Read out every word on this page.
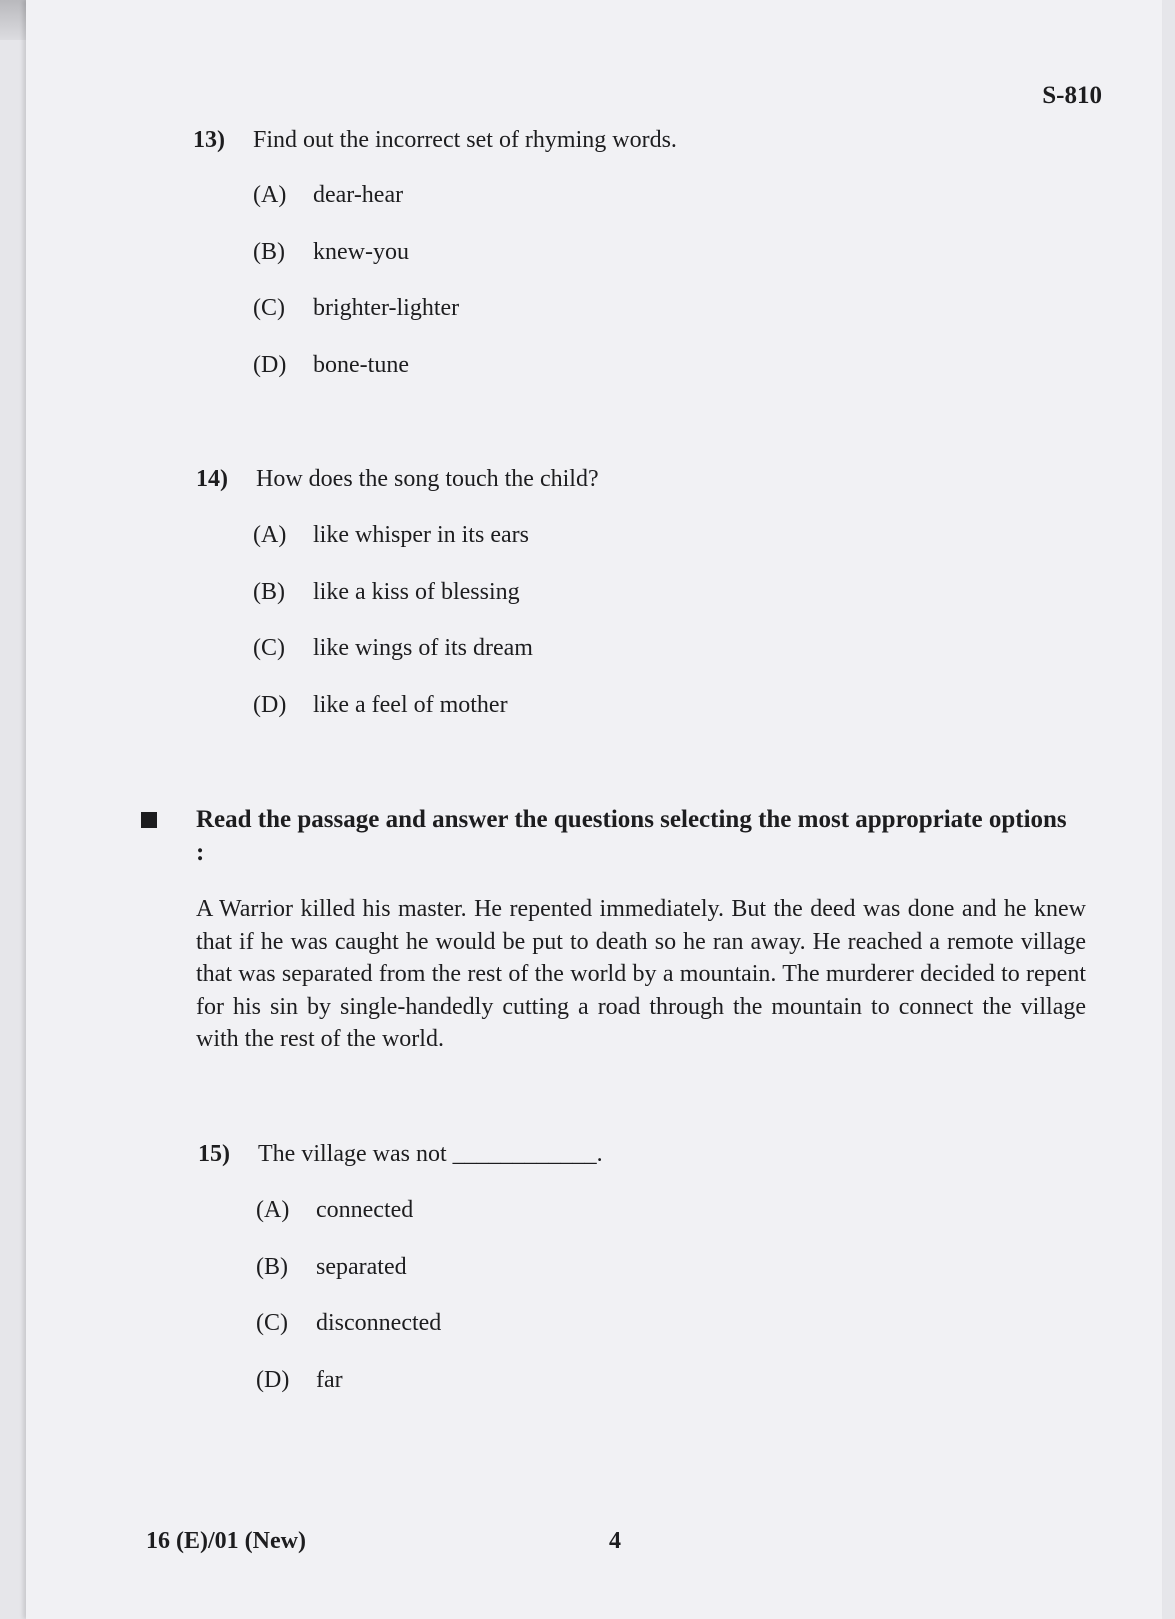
S-810
13) Find out the incorrect set of rhyming words.
(A) dear-hear
(B) knew-you
(C) brighter-lighter
(D) bone-tune
14) How does the song touch the child?
(A) like whisper in its ears
(B) like a kiss of blessing
(C) like wings of its dream
(D) like a feel of mother
Read the passage and answer the questions selecting the most appropriate options :
A Warrior killed his master. He repented immediately. But the deed was done and he knew that if he was caught he would be put to death so he ran away. He reached a remote village that was separated from the rest of the world by a mountain. The murderer decided to repent for his sin by single-handedly cutting a road through the mountain to connect the village with the rest of the world.
15) The village was not ____________.
(A) connected
(B) separated
(C) disconnected
(D) far
16 (E)/01 (New)	4
